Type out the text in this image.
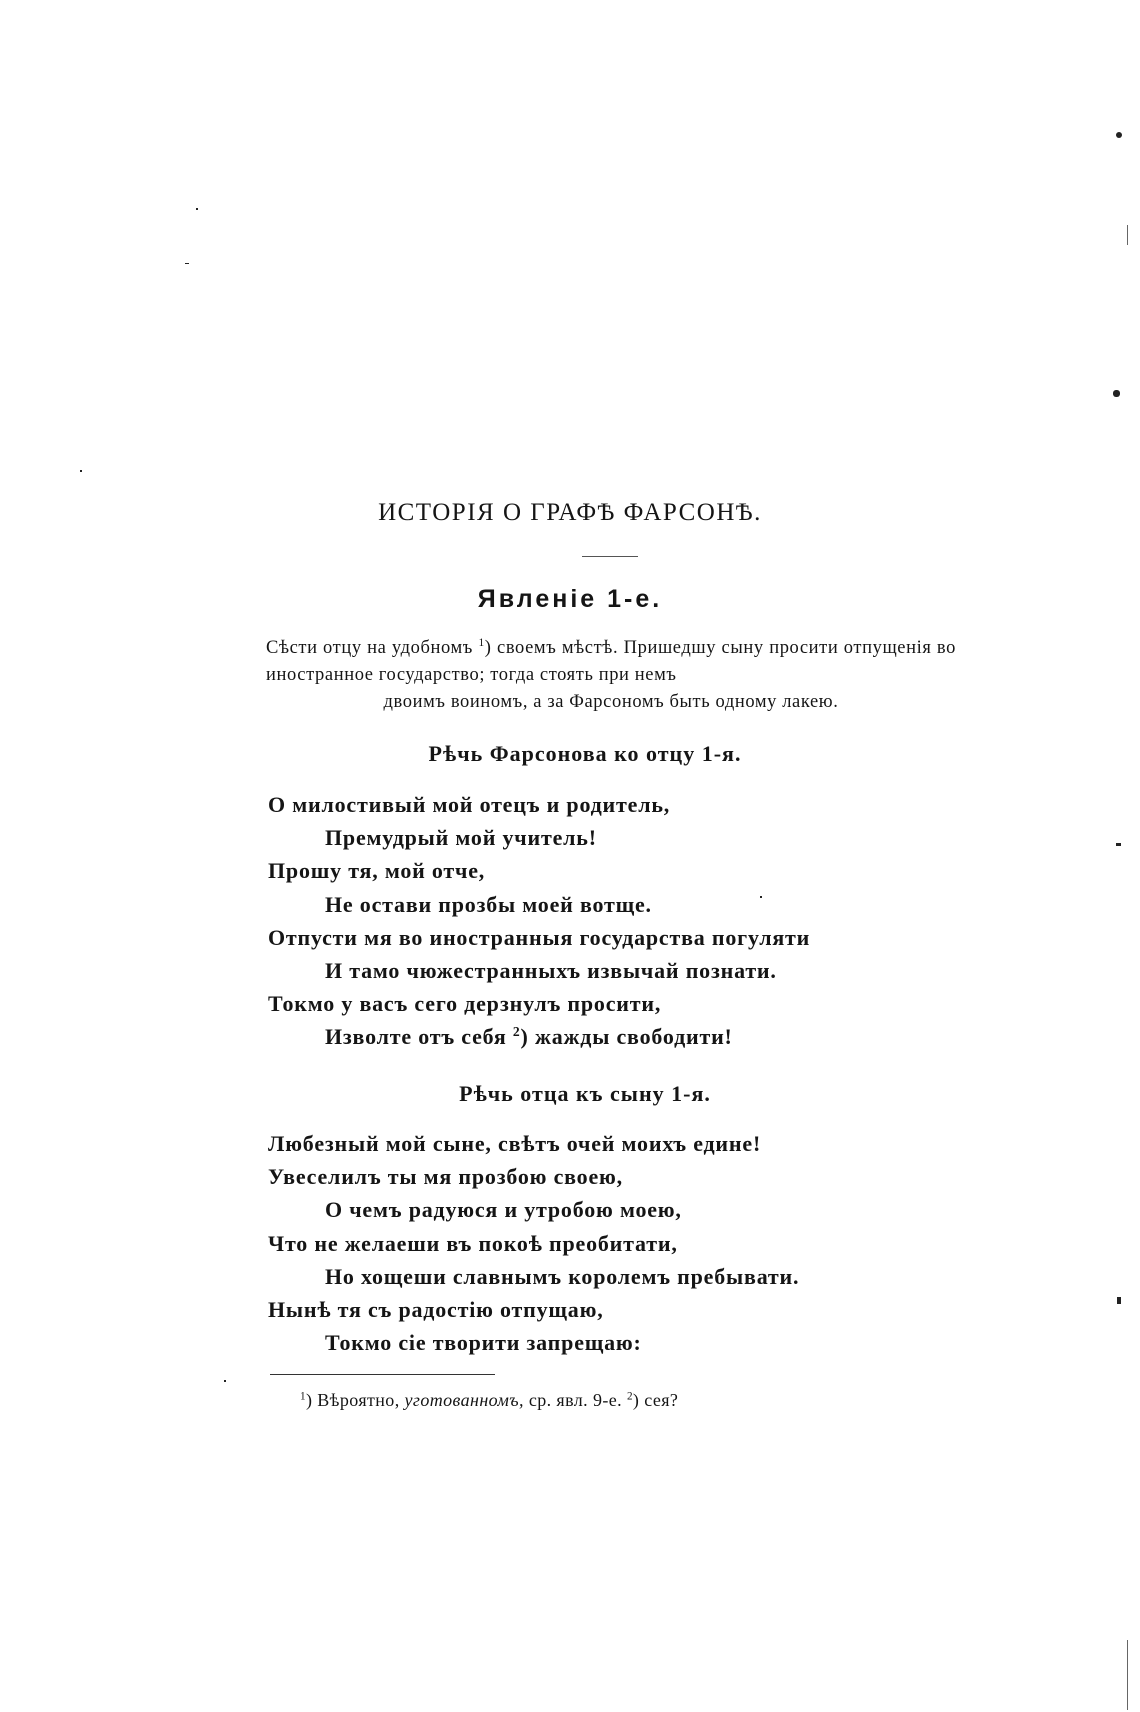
ИСТОРІЯ О ГРАФѢ ФАРСОНѢ.
Явленіе 1-е.
Сѣсти отцу на удобномъ $^1$) своемъ мѣстѣ. Пришедшу сыну просити отпущенія во иностранное государство; тогда стоять при немъ
двоимъ воиномъ, а за Фарсономъ быть одному лакею.
Рѣчь Фарсонова ко отцу 1-я.
О милостивый мой отецъ и родитель,
Премудрый мой учитель!
Прошу тя, мой отче,
Не остави прозбы моей вотще.
Отпусти мя во иностранныя государства погуляти
И тамо чюжестранныхъ извычай познати.
Токмо у васъ сего дерзнулъ просити,
Изволте отъ себя $^2$) жажды свободити!
Рѣчь отца къ сыну 1-я.
Любезный мой сыне, свѣтъ очей моихъ едине!
Увеселилъ ты мя прозбою своею,
О чемъ радуюся и утробою моею,
Что не желаеши въ покоѣ преобитати,
Но хощеши славнымъ королемъ пребывати.
Нынѣ тя съ радостію отпущаю,
Токмо сіе творити запрещаю:
$^1$) Вѣроятно, уготованномъ, ср. явл. 9-е. $^2$) сея?
